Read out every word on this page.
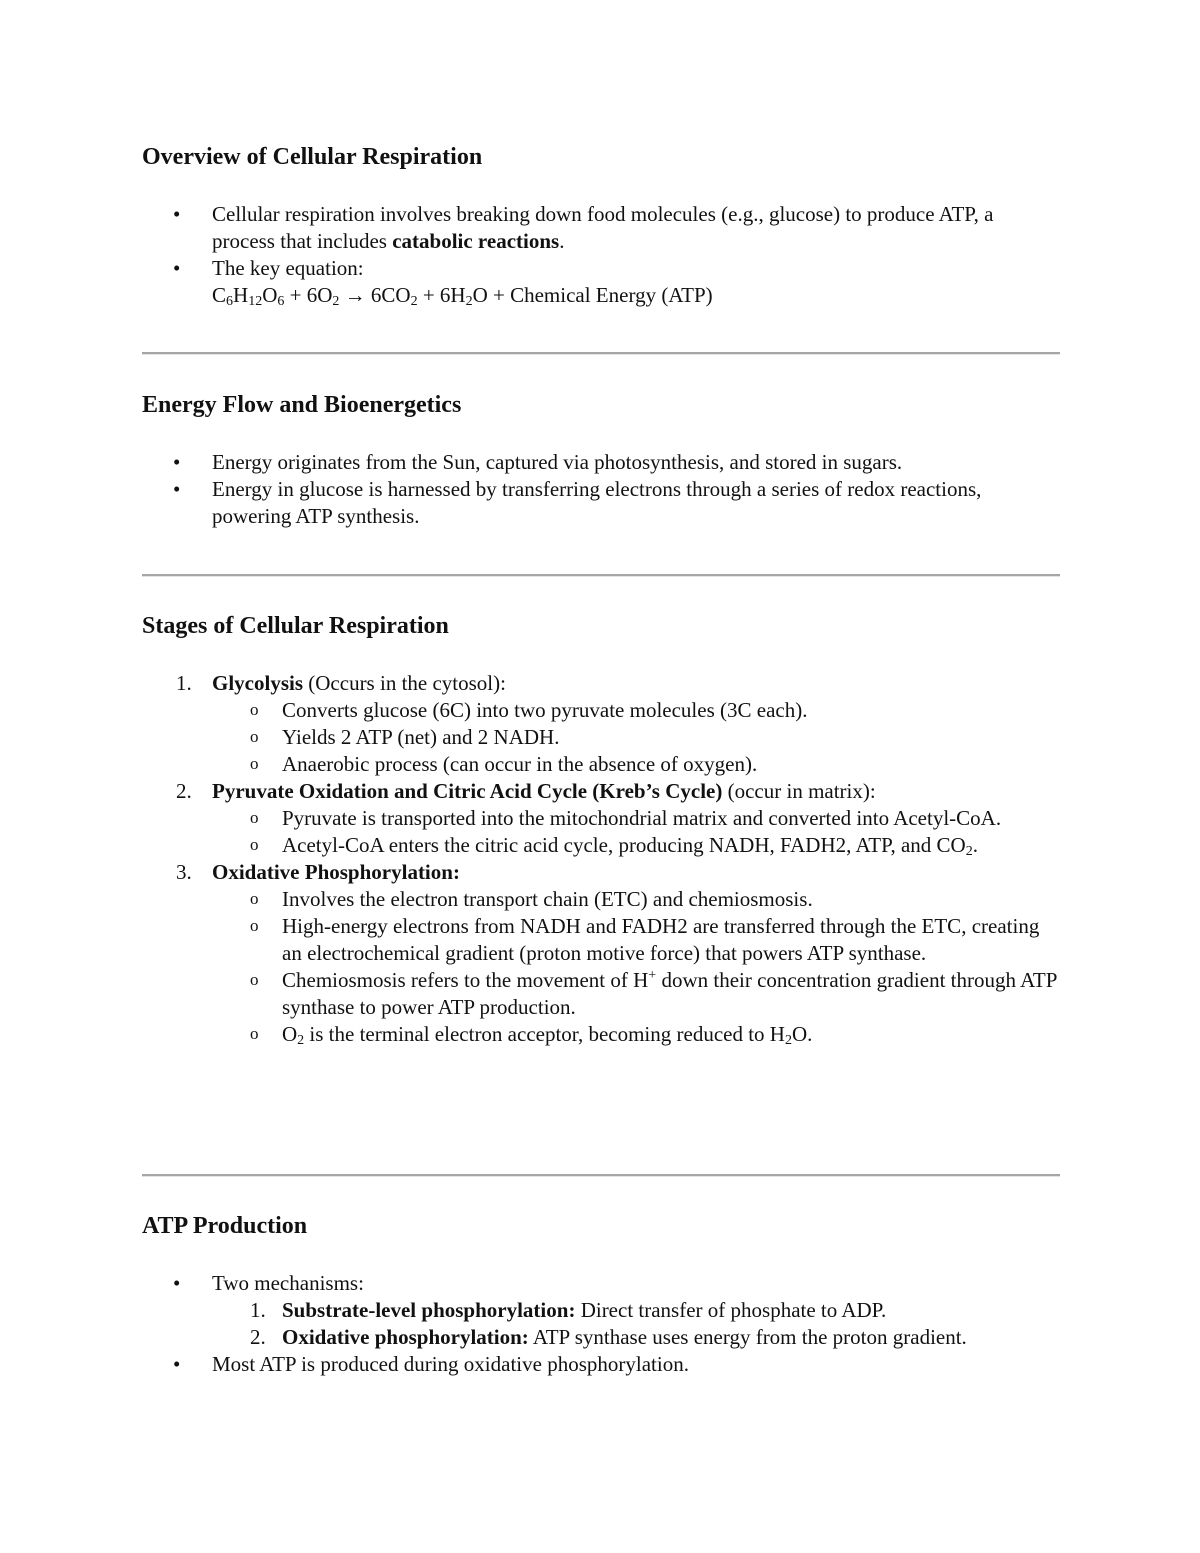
Overview of Cellular Respiration
• Cellular respiration involves breaking down food molecules (e.g., glucose) to produce ATP, a process that includes catabolic reactions.
• The key equation:
C6H12O6 + 6O2 → 6CO2 + 6H2O + Chemical Energy (ATP)
Energy Flow and Bioenergetics
• Energy originates from the Sun, captured via photosynthesis, and stored in sugars.
• Energy in glucose is harnessed by transferring electrons through a series of redox reactions, powering ATP synthesis.
Stages of Cellular Respiration
1. Glycolysis (Occurs in the cytosol):
o Converts glucose (6C) into two pyruvate molecules (3C each).
o Yields 2 ATP (net) and 2 NADH.
o Anaerobic process (can occur in the absence of oxygen).
2. Pyruvate Oxidation and Citric Acid Cycle (Kreb’s Cycle) (occur in matrix):
o Pyruvate is transported into the mitochondrial matrix and converted into Acetyl-CoA.
o Acetyl-CoA enters the citric acid cycle, producing NADH, FADH2, ATP, and $CO_2$.
3. Oxidative Phosphorylation:
o Involves the electron transport chain (ETC) and chemiosmosis.
o High-energy electrons from NADH and FADH2 are transferred through the ETC, creating an electrochemical gradient (proton motive force) that powers ATP synthase.
o Chemiosmosis refers to the movement of H+ down their concentration gradient through ATP synthase to power ATP production.
o $O_2$ is the terminal electron acceptor, becoming reduced to $H_2O$.
ATP Production
• Two mechanisms:
1. Substrate-level phosphorylation: Direct transfer of phosphate to ADP.
2. Oxidative phosphorylation: ATP synthase uses energy from the proton gradient.
• Most ATP is produced during oxidative phosphorylation.
